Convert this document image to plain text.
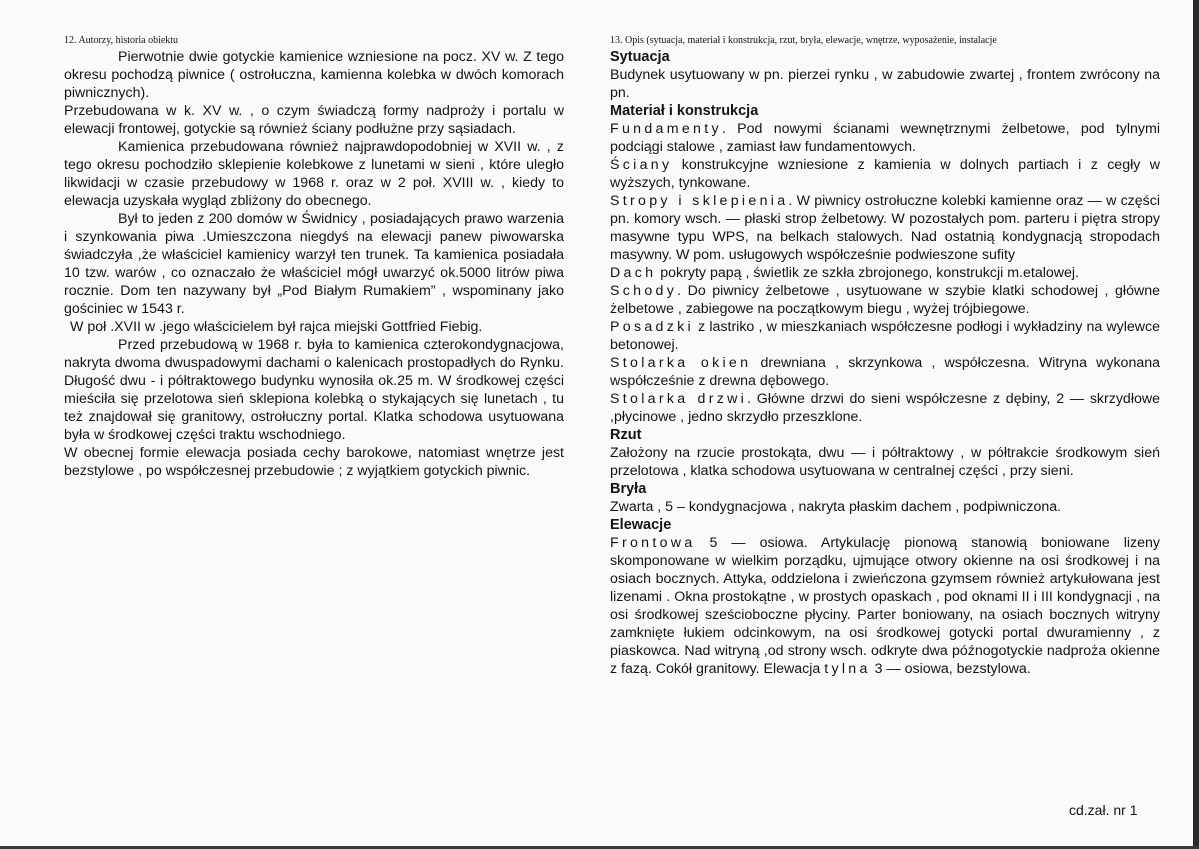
12. Autorzy, historia obiektu

Pierwotnie dwie gotyckie kamienice wzniesione na pocz. XV w. Z tego okresu pochodzą piwnice ( ostrołuczna, kamienna kolebka w dwóch komorach piwnicznych).

Przebudowana w k. XV w. , o czym świadczą formy nadproży i portalu w elewacji frontowej, gotyckie są również ściany podłużne przy sąsiadach.

Kamienica przebudowana również najprawdopodobniej w XVII w. , z tego okresu pochodziło sklepienie kolebkowe z lunetami w sieni , które uległo likwidacji w czasie przebudowy w 1968 r. oraz w 2 poł. XVIII w. , kiedy to elewacja uzyskała wygląd zbliżony do obecnego.

Był to jeden z 200 domów w Świdnicy , posiadających prawo warzenia i szynkowania piwa .Umieszczona niegdyś na elewacji panew piwowarska świadczyła ,że właściciel kamienicy warzył ten trunek. Ta kamienica posiadała 10 tzw. warów , co oznaczało że właściciel mógł uwarzyć ok.5000 litrów piwa rocznie. Dom ten nazywany był „Pod Białym Rumakiem” , wspominany jako gościniec w 1543 r.

W poł .XVII w .jego właścicielem był rajca miejski Gottfried Fiebig.

Przed przebudową w 1968 r. była to kamienica czterokondygnacjowa, nakryta dwoma dwuspadowymi dachami o kalenicach prostopadłych do Rynku. Długość dwu - i półtraktowego budynku wynosiła ok.25 m. W środkowej części mieściła się przelotowa sień sklepiona kolebką o stykających się lunetach , tu też znajdował się granitowy, ostrołuczny portal. Klatka schodowa usytuowana była w środkowej części traktu wschodniego.

W obecnej formie elewacja posiada cechy barokowe, natomiast wnętrze jest bezstylowe , po współczesnej przebudowie ; z wyjątkiem gotyckich piwnic.

13. Opis (sytuacja, materiał i konstrukcja, rzut, bryła, elewacje, wnętrze, wyposażenie, instalacje

Sytuacja

Budynek usytuowany w pn. pierzei rynku , w zabudowie zwartej , frontem zwrócony na pn.

Materiał i konstrukcja

Fundamenty. Pod nowymi ścianami wewnętrznymi żelbetowe, pod tylnymi podciągi stalowe , zamiast ław fundamentowych.

Ściany konstrukcyjne wzniesione z kamienia w dolnych partiach i z cegły w wyższych, tynkowane.

Stropy i sklepienia. W piwnicy ostrołuczne kolebki kamienne oraz — w części pn. komory wsch. — płaski strop żelbetowy. W pozostałych pom. parteru i piętra stropy masywne typu WPS, na belkach stalowych. Nad ostatnią kondygnacją stropodach masywny. W pom. usługowych współcześnie podwieszone sufity

Dach pokryty papą , świetlik ze szkła zbrojonego, konstrukcji m.etalowej.

Schody. Do piwnicy żelbetowe , usytuowane w szybie klatki schodowej , główne żelbetowe , zabiegowe na początkowym biegu , wyżej trójbiegowe.

Posadzki z lastriko , w mieszkaniach współczesne podłogi i wykładziny na wylewce betonowej.

Stolarka okien drewniana , skrzynkowa , współczesna. Witryna wykonana współcześnie z drewna dębowego.

Stolarka drzwi. Główne drzwi do sieni współczesne z dębiny, 2 — skrzydłowe ,płycinowe , jedno skrzydło przeszklone.

Rzut

Założony na rzucie prostokąta, dwu — i półtraktowy , w półtrakcie środkowym sień przelotowa , klatka schodowa usytuowana w centralnej części , przy sieni.

Bryła

Zwarta , 5 – kondygnacjowa , nakryta płaskim dachem , podpiwniczona.

Elewacje

Frontowa 5 — osiowa. Artykulację pionową stanowią boniowane lizeny skomponowane w wielkim porządku, ujmujące otwory okienne na osi środkowej i na osiach bocznych. Attyka, oddzielona i zwieńczona gzymsem również artykułowana jest lizenami . Okna prostokątne , w prostych opaskach , pod oknami II i III kondygnacji , na osi środkowej sześcioboczne płyciny. Parter boniowany, na osiach bocznych witryny zamknięte łukiem odcinkowym, na osi środkowej gotycki portal dwuramienny , z piaskowca. Nad witryną ,od strony wsch. odkryte dwa późnogotyckie nadproża okienne z fazą. Cokół granitowy. Elewacja tylna 3 — osiowa, bezstylowa.

cd.zał. nr 1
